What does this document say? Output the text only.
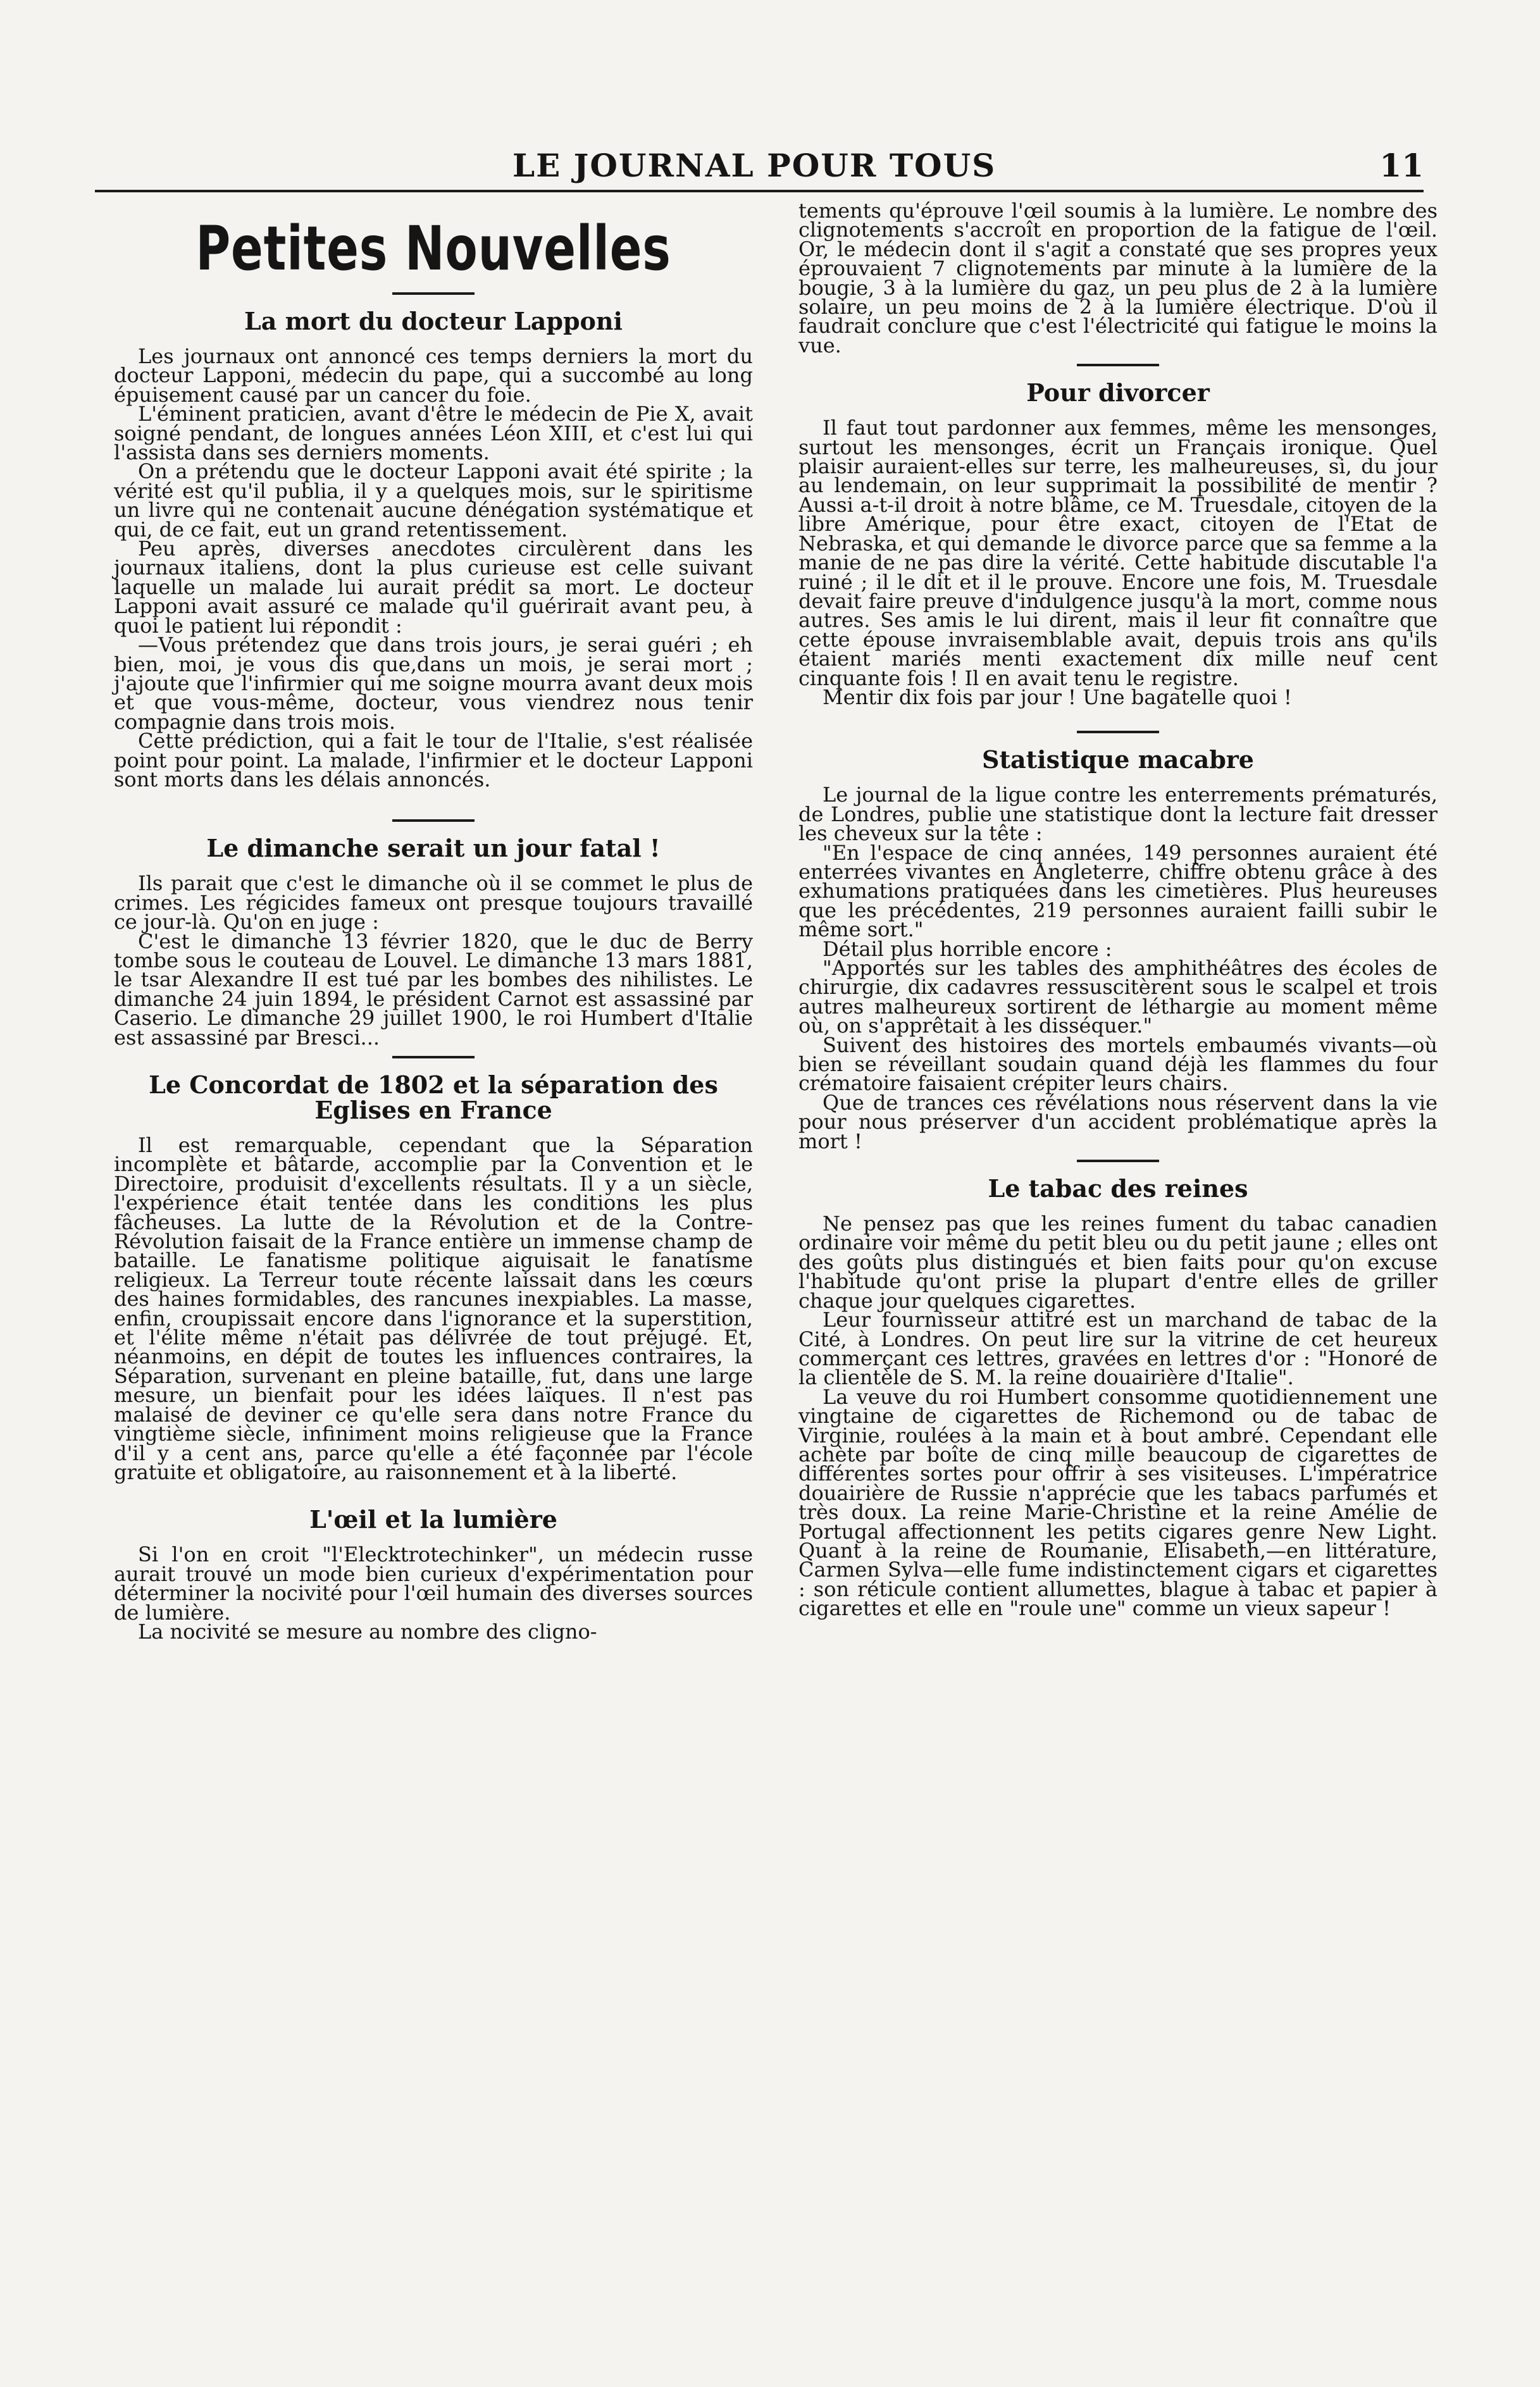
LE JOURNAL POUR TOUS	11
Petites Nouvelles
La mort du docteur Lapponi

Les journaux ont annoncé ces temps derniers la mort du docteur Lapponi, médecin du pape, qui a succombé au long épuisement causé par un cancer du foie.

L'éminent praticien, avant d'être le médecin de Pie X, avait soigné pendant, de longues années Léon XIII, et c'est lui qui l'assista dans ses derniers moments.

On a prétendu que le docteur Lapponi avait été spirite ; la vérité est qu'il publia, il y a quelques mois, sur le spiritisme un livre qui ne contenait aucune dénégation systématique et qui, de ce fait, eut un grand retentissement.

Peu après, diverses anecdotes circulèrent dans les journaux italiens, dont la plus curieuse est celle suivant laquelle un malade lui aurait prédit sa mort. Le docteur Lapponi avait assuré ce malade qu'il guérirait avant peu, à quoi le patient lui répondit :

—Vous prétendez que dans trois jours, je serai guéri ; eh bien, moi, je vous dis que,dans un mois, je serai mort ; j'ajoute que l'infirmier qui me soigne mourra avant deux mois et que vous-même, docteur, vous viendrez nous tenir compagnie dans trois mois.

Cette prédiction, qui a fait le tour de l'Italie, s'est réalisée point pour point. La malade, l'infirmier et le docteur Lapponi sont morts dans les délais annoncés.

Le dimanche serait un jour fatal !

Ils parait que c'est le dimanche où il se commet le plus de crimes. Les régicides fameux ont presque toujours travaillé ce jour-là. Qu'on en juge :

C'est le dimanche 13 février 1820, que le duc de Berry tombe sous le couteau de Louvel. Le dimanche 13 mars 1881, le tsar Alexandre II est tué par les bombes des nihilistes. Le dimanche 24 juin 1894, le président Carnot est assassiné par Caserio. Le dimanche 29 juillet 1900, le roi Humbert d'Italie est assassiné par Bresci...

Le Concordat de 1802 et la séparation des Eglises en France

Il est remarquable, cependant que la Séparation incomplète et bâtarde, accomplie par la Convention et le Directoire, produisit d'excellents résultats. Il y a un siècle, l'expérience était tentée dans les conditions les plus fâcheuses. La lutte de la Révolution et de la Contre-Révolution faisait de la France entière un immense champ de bataille. Le fanatisme politique aiguisait le fanatisme religieux. La Terreur toute récente laissait dans les cœurs des haines formidables, des rancunes inexpiables. La masse, enfin, croupissait encore dans l'ignorance et la superstition, et l'élite même n'était pas délivrée de tout préjugé. Et, néanmoins, en dépit de toutes les influences contraires, la Séparation, survenant en pleine bataille, fut, dans une large mesure, un bienfait pour les idées laïques. Il n'est pas malaisé de deviner ce qu'elle sera dans notre France du vingtième siècle, infiniment moins religieuse que la France d'il y a cent ans, parce qu'elle a été façonnée par l'école gratuite et obligatoire, au raisonnement et à la liberté.

L'œil et la lumière

Si l'on en croit "l'Elecktrotechinker", un médecin russe aurait trouvé un mode bien curieux d'expérimentation pour déterminer la nocivité pour l'œil humain des diverses sources de lumière.

La nocivité se mesure au nombre des cligno-

tements qu'éprouve l'œil soumis à la lumière. Le nombre des clignotements s'accroît en proportion de la fatigue de l'œil. Or, le médecin dont il s'agit a constaté que ses propres yeux éprouvaient 7 clignotements par minute à la lumière de la bougie, 3 à la lumière du gaz, un peu plus de 2 à la lumière solaire, un peu moins de 2 à la lumière électrique. D'où il faudrait conclure que c'est l'électricité qui fatigue le moins la vue.

Pour divorcer

Il faut tout pardonner aux femmes, même les mensonges, surtout les mensonges, écrit un Français ironique. Quel plaisir auraient-elles sur terre, les malheureuses, si, du jour au lendemain, on leur supprimait la possibilité de mentir ? Aussi a-t-il droit à notre blâme, ce M. Truesdale, citoyen de la libre Amérique, pour être exact, citoyen de l'Etat de Nebraska, et qui demande le divorce parce que sa femme a la manie de ne pas dire la vérité. Cette habitude discutable l'a ruiné ; il le dit et il le prouve. Encore une fois, M. Truesdale devait faire preuve d'indulgence jusqu'à la mort, comme nous autres. Ses amis le lui dirent, mais il leur fit connaître que cette épouse invraisemblable avait, depuis trois ans qu'ils étaient mariés menti exactement dix mille neuf cent cinquante fois ! Il en avait tenu le registre.

Mentir dix fois par jour ! Une bagatelle quoi !

Statistique macabre

Le journal de la ligue contre les enterrements prématurés, de Londres, publie une statistique dont la lecture fait dresser les cheveux sur la tête :

"En l'espace de cinq années, 149 personnes auraient été enterrées vivantes en Angleterre, chiffre obtenu grâce à des exhumations pratiquées dans les cimetières. Plus heureuses que les précédentes, 219 personnes auraient failli subir le même sort."

Détail plus horrible encore :

"Apportés sur les tables des amphithéâtres des écoles de chirurgie, dix cadavres ressuscitèrent sous le scalpel et trois autres malheureux sortirent de léthargie au moment même où, on s'apprêtait à les disséquer."

Suivent des histoires des mortels embaumés vivants—où bien se réveillant soudain quand déjà les flammes du four crématoire faisaient crépiter leurs chairs.

Que de trances ces révélations nous réservent dans la vie pour nous préserver d'un accident problématique après la mort !

Le tabac des reines

Ne pensez pas que les reines fument du tabac canadien ordinaire voir même du petit bleu ou du petit jaune ; elles ont des goûts plus distingués et bien faits pour qu'on excuse l'habitude qu'ont prise la plupart d'entre elles de griller chaque jour quelques cigarettes.

Leur fournisseur attitré est un marchand de tabac de la Cité, à Londres. On peut lire sur la vitrine de cet heureux commerçant ces lettres, gravées en lettres d'or : "Honoré de la clientèle de S. M. la reine douairière d'Italie".

La veuve du roi Humbert consomme quotidiennement une vingtaine de cigarettes de Richemond ou de tabac de Virginie, roulées à la main et à bout ambré. Cependant elle achète par boîte de cinq mille beaucoup de cigarettes de différentes sortes pour offrir à ses visiteuses. L'impératrice douairière de Russie n'apprécie que les tabacs parfumés et très doux. La reine Marie-Christine et la reine Amélie de Portugal affectionnent les petits cigares genre New Light. Quant à la reine de Roumanie, Elisabeth,—en littérature, Carmen Sylva—elle fume indistinctement cigars et cigarettes : son réticule contient allumettes, blague à tabac et papier à cigarettes et elle en "roule une" comme un vieux sapeur !
